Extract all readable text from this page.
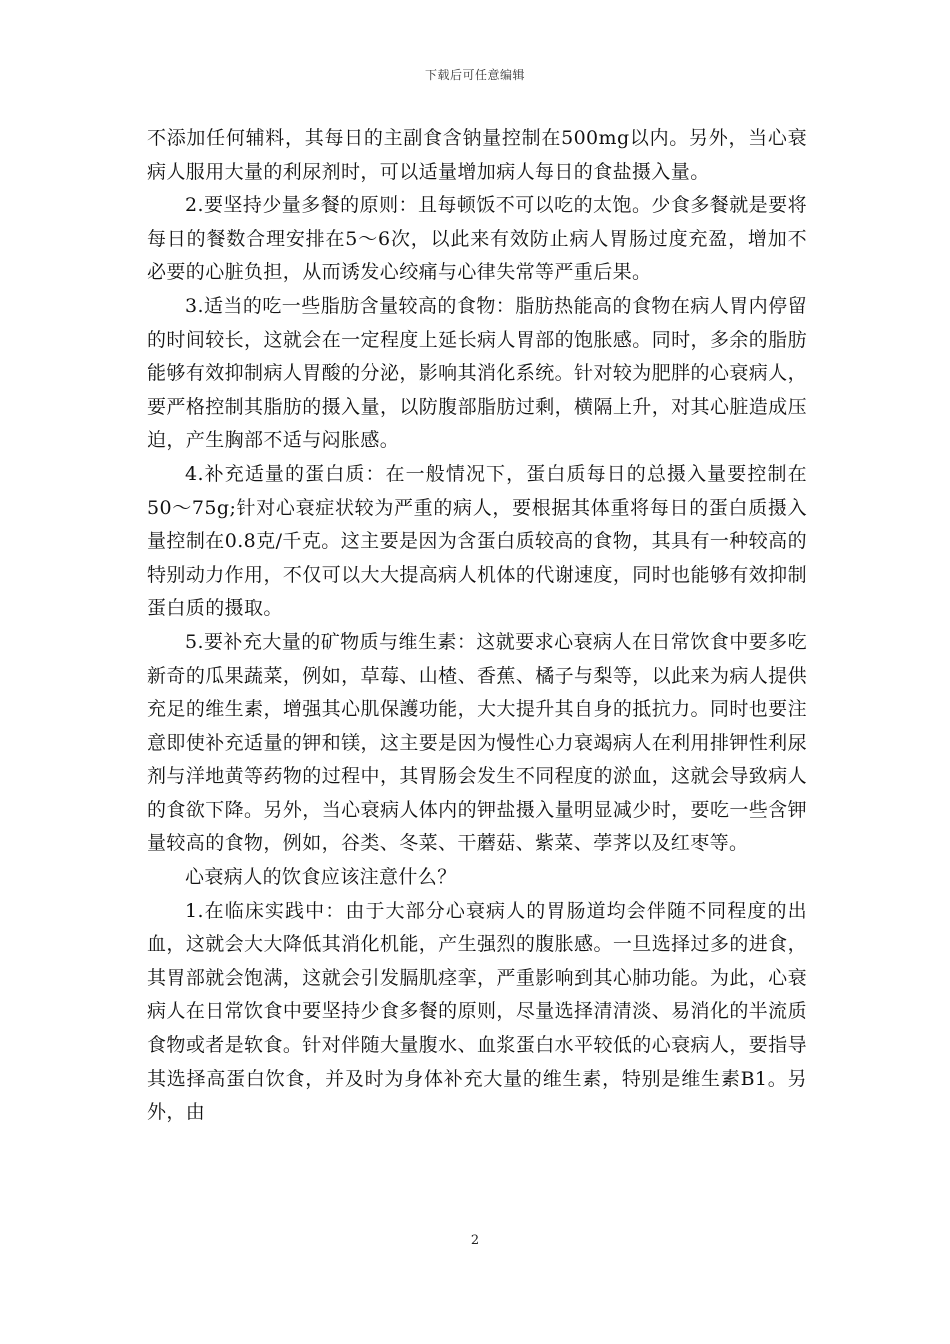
下载后可任意编辑

不添加任何辅料，其每日的主副食含钠量控制在500mg以内。另外，当心衰病人服用大量的利尿剂时，可以适量增加病人每日的食盐摄入量。

2.要坚持少量多餐的原则：且每顿饭不可以吃的太饱。少食多餐就是要将每日的餐数合理安排在5～6次，以此来有效防止病人胃肠过度充盈，增加不必要的心脏负担，从而诱发心绞痛与心律失常等严重后果。

3.适当的吃一些脂肪含量较高的食物：脂肪热能高的食物在病人胃内停留的时间较长，这就会在一定程度上延长病人胃部的饱胀感。同时，多余的脂肪能够有效抑制病人胃酸的分泌，影响其消化系统。针对较为肥胖的心衰病人，要严格控制其脂肪的摄入量，以防腹部脂肪过剩，横隔上升，对其心脏造成压迫，产生胸部不适与闷胀感。

4.补充适量的蛋白质：在一般情况下，蛋白质每日的总摄入量要控制在50～75g;针对心衰症状较为严重的病人，要根据其体重将每日的蛋白质摄入量控制在0.8克/千克。这主要是因为含蛋白质较高的食物，其具有一种较高的特别动力作用，不仅可以大大提高病人机体的代谢速度，同时也能够有效抑制蛋白质的摄取。

5.要补充大量的矿物质与维生素：这就要求心衰病人在日常饮食中要多吃新奇的瓜果蔬菜，例如，草莓、山楂、香蕉、橘子与梨等，以此来为病人提供充足的维生素，增强其心肌保護功能，大大提升其自身的抵抗力。同时也要注意即使补充适量的钾和镁，这主要是因为慢性心力衰竭病人在利用排钾性利尿剂与洋地黄等药物的过程中，其胃肠会发生不同程度的淤血，这就会导致病人的食欲下降。另外，当心衰病人体内的钾盐摄入量明显减少时，要吃一些含钾量较高的食物，例如，谷类、冬菜、干蘑菇、紫菜、荸荠以及红枣等。

心衰病人的饮食应该注意什么？

1.在临床实践中：由于大部分心衰病人的胃肠道均会伴随不同程度的出血，这就会大大降低其消化机能，产生强烈的腹胀感。一旦选择过多的进食，其胃部就会饱满，这就会引发膈肌痉挛，严重影响到其心肺功能。为此，心衰病人在日常饮食中要坚持少食多餐的原则，尽量选择清清淡、易消化的半流质食物或者是软食。针对伴随大量腹水、血浆蛋白水平较低的心衰病人，要指导其选择高蛋白饮食，并及时为身体补充大量的维生素，特别是维生素B1。另外，由

2
